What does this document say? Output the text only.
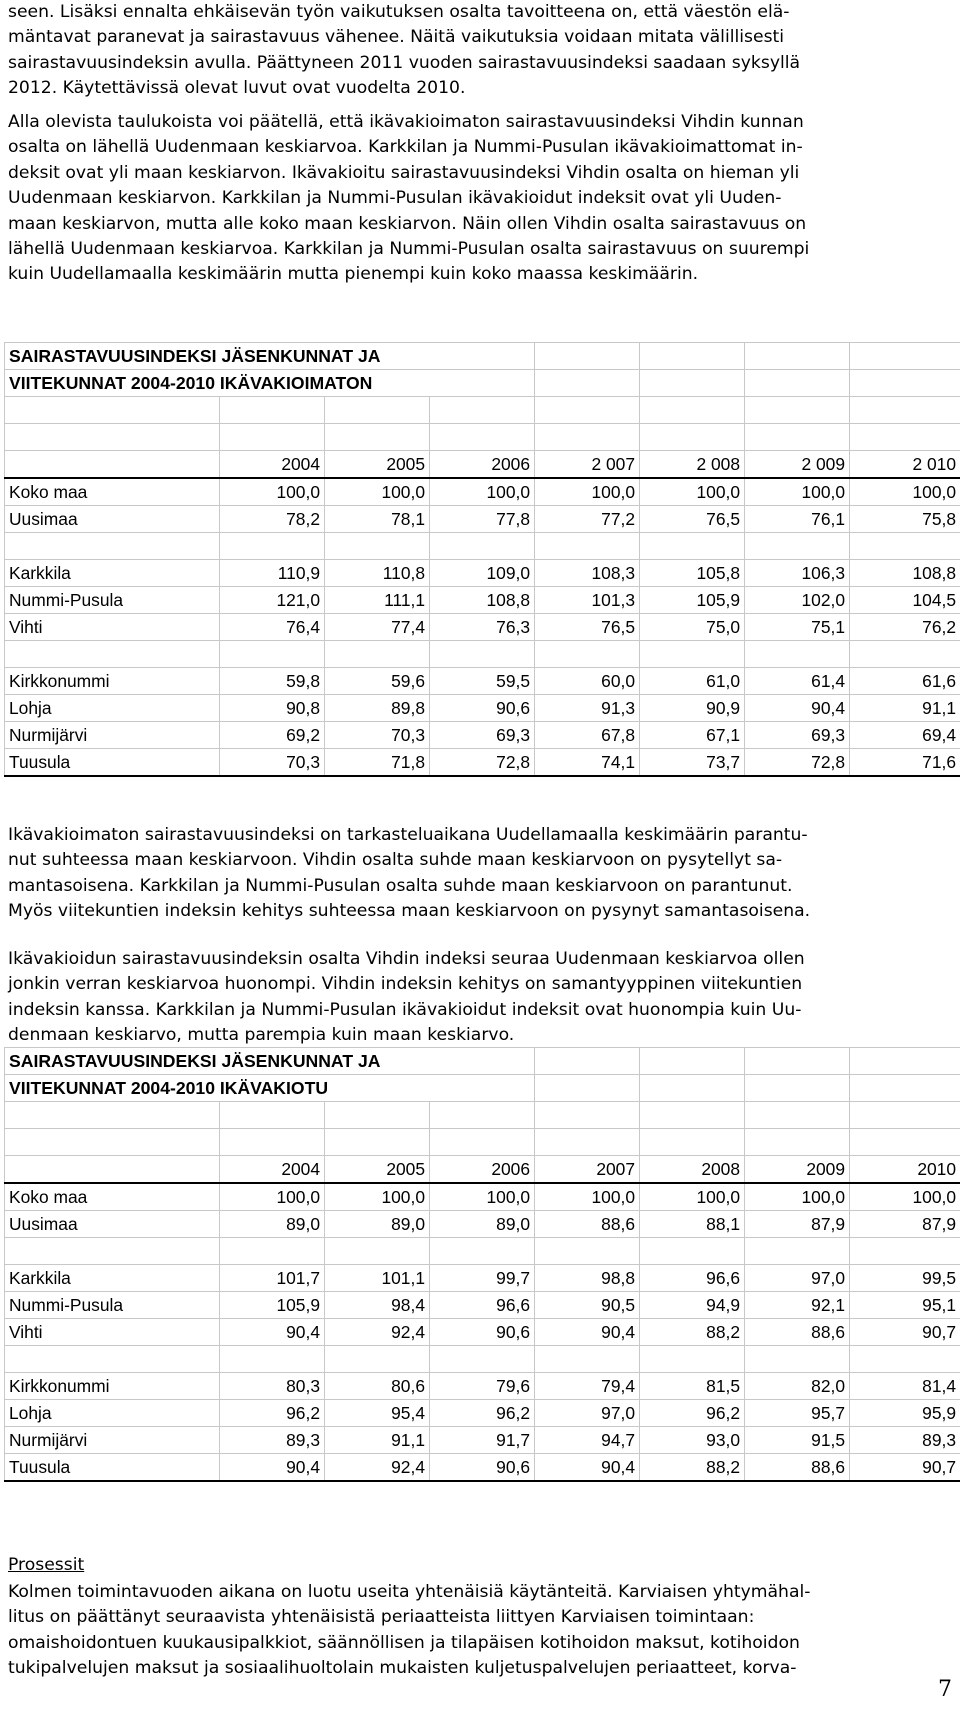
seen. Lisäksi ennalta ehkäisevän työn vaikutuksen osalta tavoitteena on, että väestön elä-
mäntavat paranevat ja sairastavuus vähenee. Näitä vaikutuksia voidaan mitata välillisesti
sairastavuusindeksin avulla. Päättyneen 2011 vuoden sairastavuusindeksi saadaan syksyllä
2012. Käytettävissä olevat luvut ovat vuodelta 2010.
Alla olevista taulukoista voi päätellä, että ikävakioimaton sairastavuusindeksi Vihdin kunnan
osalta on lähellä Uudenmaan keskiarvoa. Karkkilan ja Nummi-Pusulan ikävakioimattomat in-
deksit ovat yli maan keskiarvon. Ikävakioitu sairastavuusindeksi Vihdin osalta on hieman yli
Uudenmaan keskiarvon. Karkkilan ja Nummi-Pusulan ikävakioidut indeksit ovat yli Uuden-
maan keskiarvon, mutta alle koko maan keskiarvon. Näin ollen Vihdin osalta sairastavuus on
lähellä Uudenmaan keskiarvoa. Karkkilan ja Nummi-Pusulan osalta sairastavuus on suurempi
kuin Uudellamaalla keskimäärin mutta pienempi kuin koko maassa keskimäärin.
SAIRASTAVUUSINDEKSI JÄSENKUNNAT JA							
VIITEKUNNAT 2004-2010 IKÄVAKIOIMATON							

	2004	2005	2006	2 007	2 008	2 009	2 010
Koko maa	100,0	100,0	100,0	100,0	100,0	100,0	100,0
Uusimaa	78,2	78,1	77,8	77,2	76,5	76,1	75,8

Karkkila	110,9	110,8	109,0	108,3	105,8	106,3	108,8
Nummi-Pusula	121,0	111,1	108,8	101,3	105,9	102,0	104,5
Vihti	76,4	77,4	76,3	76,5	75,0	75,1	76,2

Kirkkonummi	59,8	59,6	59,5	60,0	61,0	61,4	61,6
Lohja	90,8	89,8	90,6	91,3	90,9	90,4	91,1
Nurmijärvi	69,2	70,3	69,3	67,8	67,1	69,3	69,4
Tuusula	70,3	71,8	72,8	74,1	73,7	72,8	71,6
Ikävakioimaton sairastavuusindeksi on tarkasteluaikana Uudellamaalla keskimäärin parantu-
nut suhteessa maan keskiarvoon. Vihdin osalta suhde maan keskiarvoon on pysytellyt sa-
mantasoisena. Karkkilan ja Nummi-Pusulan osalta suhde maan keskiarvoon on parantunut.
Myös viitekuntien indeksin kehitys suhteessa maan keskiarvoon on pysynyt samantasoisena.
Ikävakioidun sairastavuusindeksin osalta Vihdin indeksi seuraa Uudenmaan keskiarvoa ollen
jonkin verran keskiarvoa huonompi. Vihdin indeksin kehitys on samantyyppinen viitekuntien
indeksin kanssa. Karkkilan ja Nummi-Pusulan ikävakioidut indeksit ovat huonompia kuin Uu-
denmaan keskiarvo, mutta parempia kuin maan keskiarvo.
SAIRASTAVUUSINDEKSI JÄSENKUNNAT JA							
VIITEKUNNAT 2004-2010 IKÄVAKIOTU							

	2004	2005	2006	2007	2008	2009	2010
Koko maa	100,0	100,0	100,0	100,0	100,0	100,0	100,0
Uusimaa	89,0	89,0	89,0	88,6	88,1	87,9	87,9

Karkkila	101,7	101,1	99,7	98,8	96,6	97,0	99,5
Nummi-Pusula	105,9	98,4	96,6	90,5	94,9	92,1	95,1
Vihti	90,4	92,4	90,6	90,4	88,2	88,6	90,7

Kirkkonummi	80,3	80,6	79,6	79,4	81,5	82,0	81,4
Lohja	96,2	95,4	96,2	97,0	96,2	95,7	95,9
Nurmijärvi	89,3	91,1	91,7	94,7	93,0	91,5	89,3
Tuusula	90,4	92,4	90,6	90,4	88,2	88,6	90,7
Prosessit
Kolmen toimintavuoden aikana on luotu useita yhtenäisiä käytänteitä. Karviaisen yhtymähal-
litus on päättänyt seuraavista yhtenäisistä periaatteista liittyen Karviaisen toimintaan:
omaishoidontuen kuukausipalkkiot, säännöllisen ja tilapäisen kotihoidon maksut, kotihoidon
tukipalvelujen maksut ja sosiaalihuoltolain mukaisten kuljetuspalvelujen periaatteet, korva-
7
